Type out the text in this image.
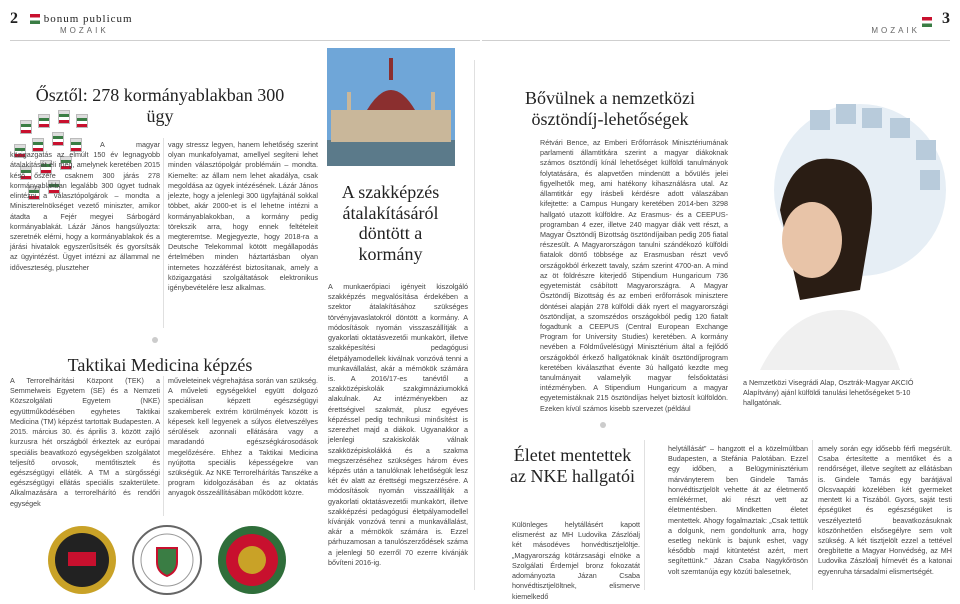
2	bonum publicum
MOZAIK
3
MOZAIK
Ősztől: 278 kormányablakban 300 ügy

A magyar közigazgatás az elmúlt 150 év legnagyobb átalakítását éli meg, amelynek keretében 2015 késő őszére csaknem 300 járás 278 kormányablakban legalább 300 ügyet tudnak elintézni a választópolgárok – mondta a Miniszterelnökséget vezető miniszter, amikor átadta a Fejér megyei Sárbogárd kormányablakát. Lázár János hangsúlyozta: szeretnék elérni, hogy a kormányablakok és a járási hivatalok egyszerűsítsék és gyorsítsák az ügyintézést. Ügyet intézni az állammal ne időveszteség, pluszteher

vagy stressz legyen, hanem lehetőség szerint olyan munkafolyamat, amellyel segíteni lehet minden választópolgár problémáin – mondta. Kiemelte: az állam nem lehet akadálya, csak megoldása az ügyek intézésének. Lázár János jelezte, hogy a jelenlegi 300 ügyfajtánál sokkal többet, akár 2000-et is el lehetne intézni a kormányablakokban, a kormány pedig törekszik arra, hogy ennek feltételeit megteremtse. Megjegyezte, hogy 2018-ra a Deutsche Telekommal kötött megállapodás értelmében minden háztartásban olyan internetes hozzáférést biztosítanak, amely a közigazgatási szolgáltatások elektronikus igénybevételére lesz alkalmas.

Taktikai Medicina képzés

A Terrorelhárítási Központ (TEK) a Semmelweis Egyetem (SE) és a Nemzeti Közszolgálati Egyetem (NKE) együttműködésében egyhetes Taktikai Medicina (TM) képzést tartottak Budapesten. A 2015. március 30. és április 3. között zajló kurzusra hét országból érkeztek az európai speciális beavatkozó egységekben szolgálatot teljesítő orvosok, mentőtisztek és egészségügyi elláték. A TM a sürgősségi egészségügyi ellátás speciális szakterülete. Alkalmazására a terrorelhárító és rendőri egységek

műveleteinek végrehajtása során van szükség. A műveleti egységekkel együtt dolgozó speciálisan képzett egészségügyi szakemberek extrém körülmények között is képesek kell legyenek a súlyos életveszélyes sérülések azonnali ellátására vagy a maradandó egészségkárosodások megelőzésére. Ehhez a Taktikai Medicina nyújtotta speciális képességekre van szükségük. Az NKE Terrorelhárítás Tanszéke a program kidolgozásában és az oktatás anyagok összeállításában működött közre.

A szakképzés átalakításáról döntött a kormány

A munkaerőpiaci igényeit kiszolgáló szakképzés megvalósítása érdekében a szektor átalakításához szükséges törvényjavaslatokról döntött a kormány. A módosítások nyomán visszaszállítják a gyakorlati oktatásvezetői munkakört, illetve szakképesítési pedagógusi életpályamodellek kiválnak vonzóvá tenni a munkavállalást, akár a mérnökök számára is. A 2016/17-es tanévtől a szakközépiskolák szakgimnáziumokká alakulnak. Az intézményekben az érettségivel szakmát, plusz egyéves képzéssel pedig technikusi minősítést is szerezhet majd a diákok. Ugyanakkor a jelenlegi szakiskolák válnak szakközépiskolákká és a szakma megszerzéséhez szükséges három éves képzés után a tanulóknak lehetőségük lesz két év alatt az érettségi megszerzésére. A módosítások nyomán visszaállítják a gyakorlati oktatásvezetői munkakört, illetve szakképzési pedagógusi életpályamodellel kívánják vonzóvá tenni a munkavállalást, akár a mérnökök számára is. Ezzel párhuzamosan a tanulószerződések száma a jelenlegi 50 ezerről 70 ezerre kívánják bővíteni 2016-ig.

Bővülnek a nemzetközi ösztöndíj-lehetőségek

Rétvári Bence, az Emberi Erőforrások Minisztériumának parlamenti államtitkára szerint a magyar diákoknak számos ösztöndíj kínál lehetőséget külföldi tanulmányok folytatására, és alapvetően mindenütt a bővülés jelei figyelhetők meg, ami hatékony kihasználásra utal. Az államtitkár egy írásbeli kérdésre adott válaszában kifejtette: a Campus Hungary keretében 2014-ben 3298 hallgató utazott külföldre. Az Erasmus- és a CEEPUS-programban 4 ezer, illetve 240 magyar diák vett részt, a Magyar Ösztöndíj Bizottság ösztöndíjaiban pedig 205 fiatal részesült. A Magyarországon tanulni szándékozó külföldi fiatalok döntő többsége az Erasmusban részt vevő országokból érkezett tavaly, szám szerint 4700-an. A mind az öt földrészre kiterjedő Stipendium Hungaricum 736 egyetemistát csábított Magyarországra. A Magyar Ösztöndíj Bizottság és az emberi erőforrások minisztere döntései alapján 278 külföldi diák nyert el magyarországi ösztöndíjat, a szomszédos országokból pedig 120 fiatalt fogadtunk a CEEPUS (Central European Exchange Program for University Studies) keretében. A kormány nevében a Földművelésügyi Minisztérium által a fejlődő országokból érkező hallgatóknak kínált ösztöndíjprogram keretében kiválaszthat évente 3ú hallgató kezdte meg tanulmányait valamelyik magyar felsőoktatási intézményben. A Stipendium Hungaricum a magyar egyetemistáknak 215 ösztöndíjas helyet biztosít külföldön. Ezeken kívül számos kisebb szervezet (például

a Nemzetközi Visegrádi Alap, Osztrák-Magyar AKCIÓ Alapítvány) ajánl külföldi tanulási lehetőségeket 5-10 hallgatónak.
Életet mentettek az NKE hallgatói

Különleges helytállásért kapott elismerést az MH Ludovika Zászlóalj két másodéves honvédtisztjelöltje. „Magyarország kötárzsasági elnöke a Szolgálati Érdemjel bronz fokozatát adományozta Jázan Csaba honvédtisztjelöltnek, elismerve kiemelkedő

helytállását” – hangzott el a közelmúltban Budapesten, a Stefánia Palotában. Ezzel egy időben, a Belügyminisztérium márványterem ben Gindele Tamás honvédtisztjelölt vehette át az életmentő emlékérmet, aki részt vett az életmentésben. Mindketten életet mentettek. Ahogy fogalmaztak: „Csak tettük a dolgunk, nem gondoltunk arra, hogy esetleg nekünk is bajunk eshet, vagy késődbb majd kitüntetést azért, mert segítettünk.” Jázan Csaba Nagykőrösön volt szemtanúja egy közúti balesetnek,

amely során egy idősebb férfi megsérült. Csaba értesítette a mentőket és a rendőrséget, illetve segített az ellátásban is. Gindele Tamás egy barátjával Olcsvaapáti közelében két gyermeket mentett ki a Tiszából. Gyors, saját testi épségüket és egészségüket is veszélyeztető beavatkozásuknak köszönhetően elsősegélyre sem volt szükség. A két tisztjelölt ezzel a tettével öregbítette a Magyar Honvédség, az MH Ludovika Zászlóalj hírnevét és a katonai egyenruha társadalmi elismertségét.
